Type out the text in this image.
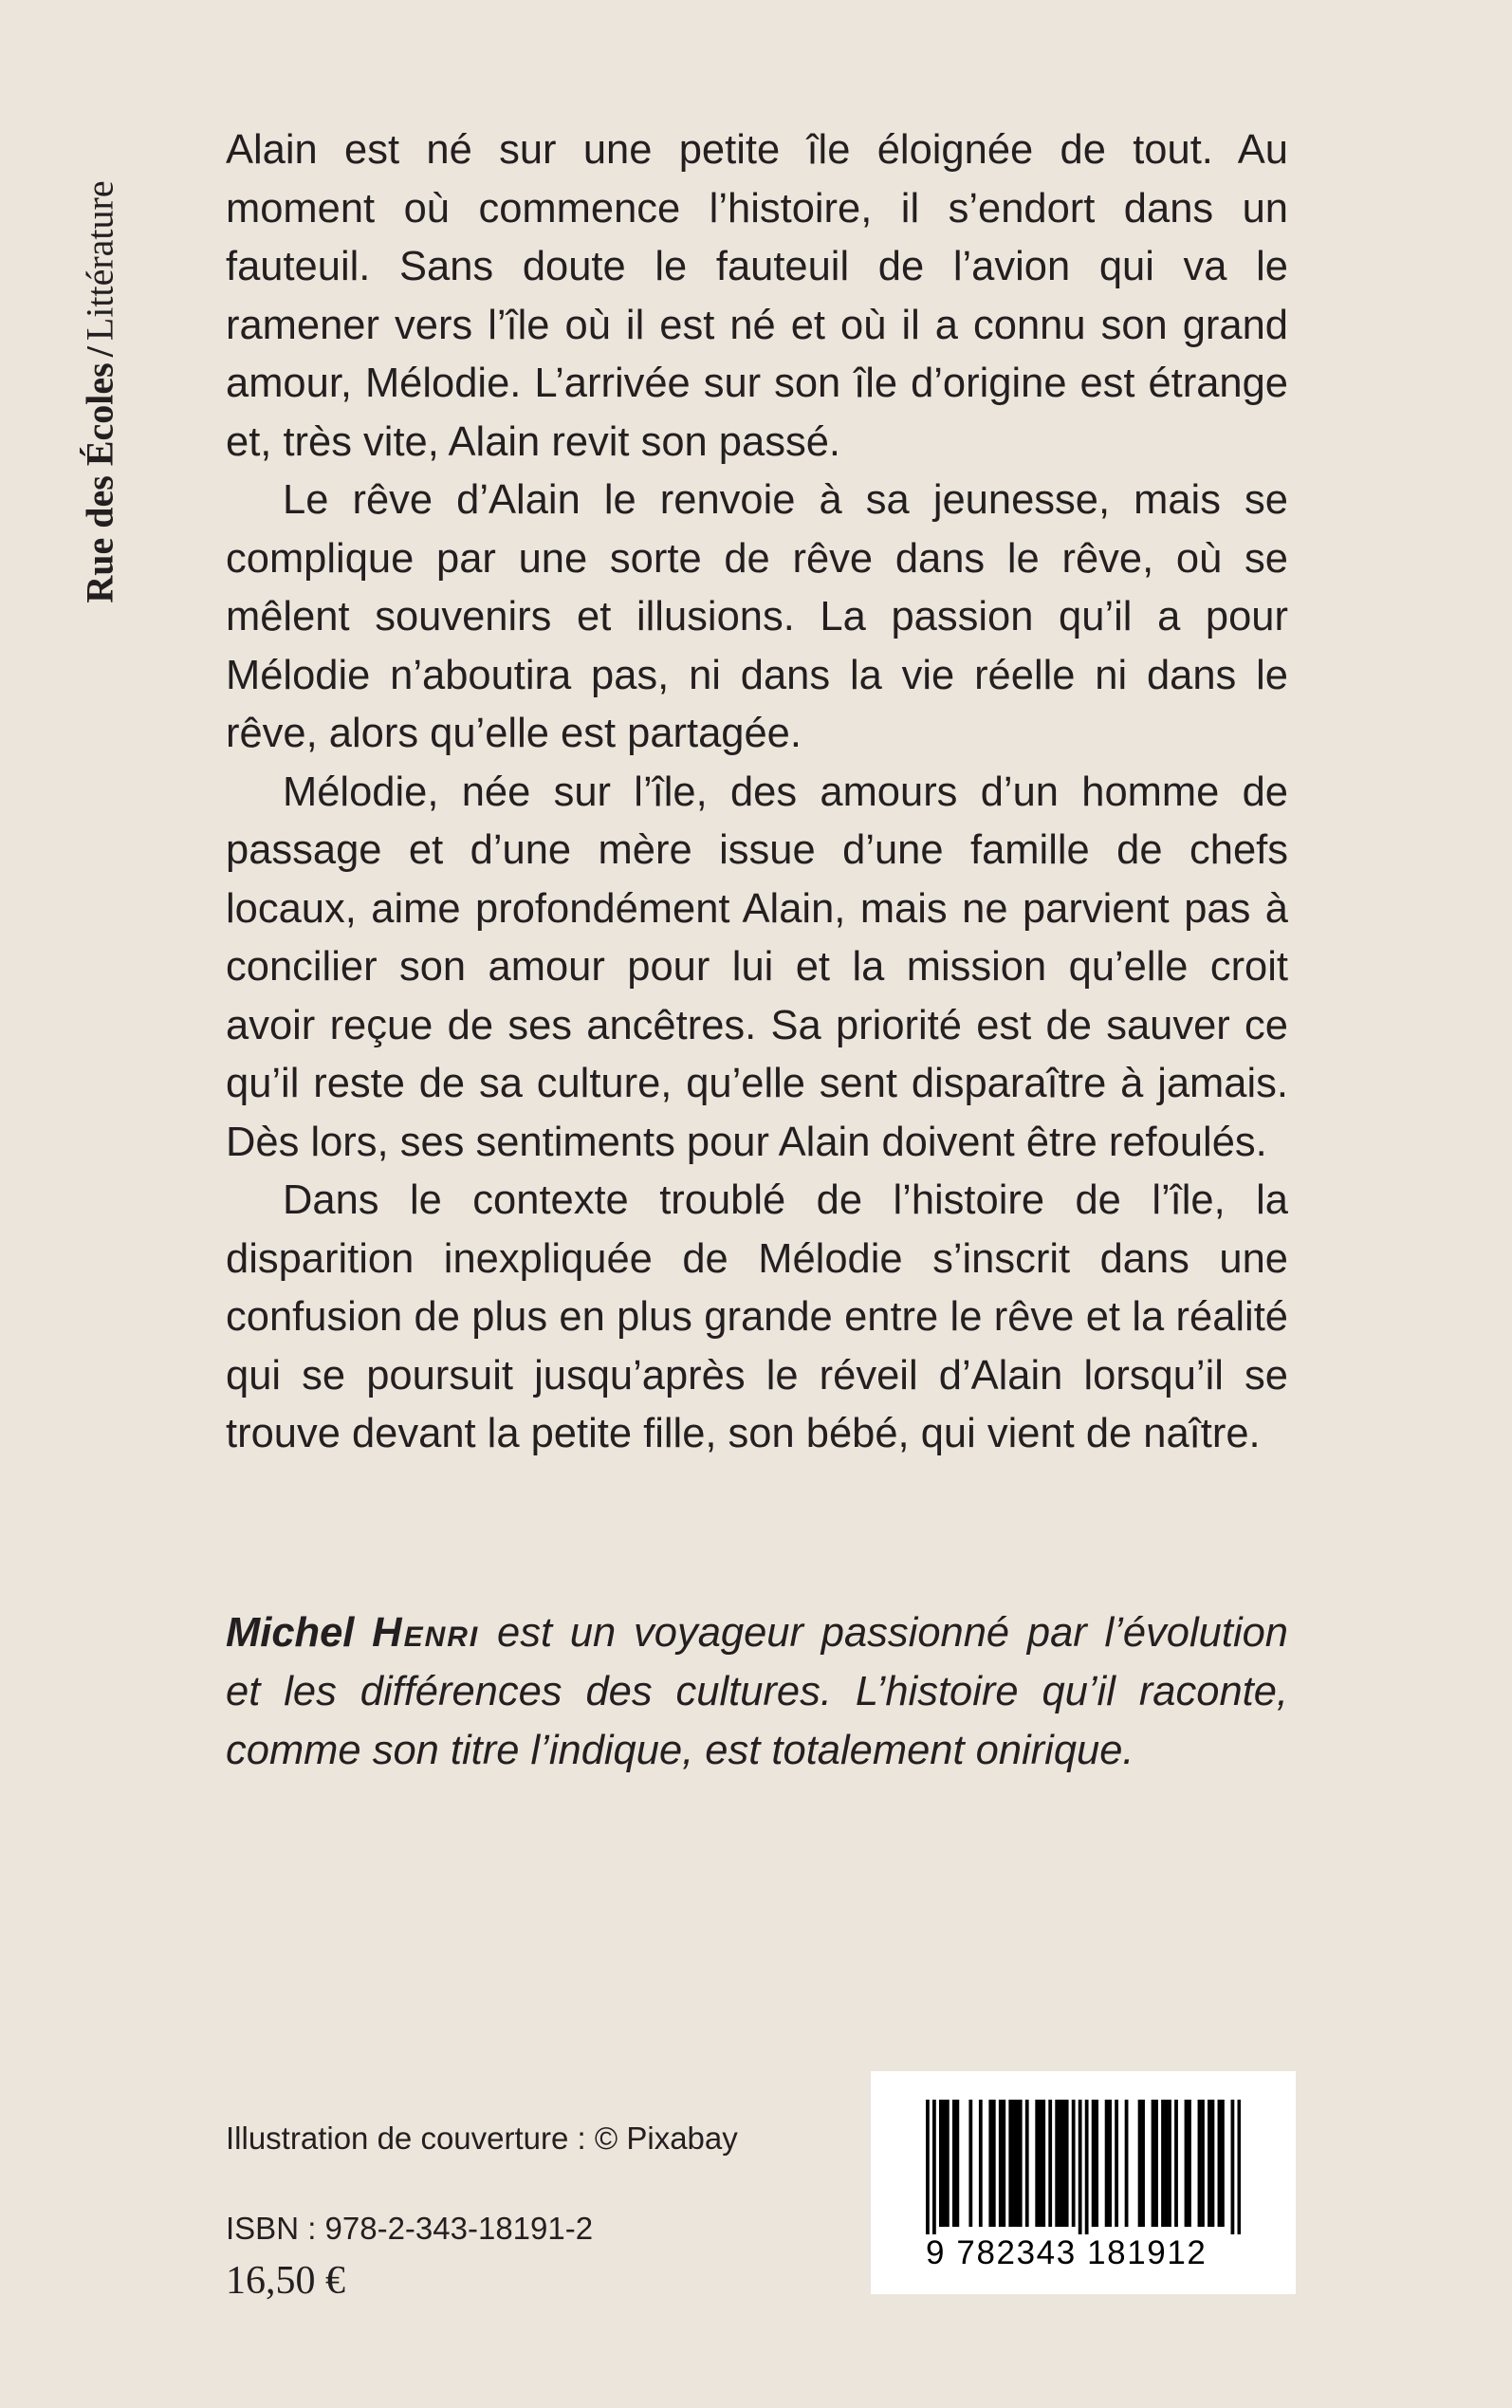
Rue des Écoles/Littérature

Alain est né sur une petite île éloignée de tout. Au moment où commence l’histoire, il s’endort dans un fauteuil. Sans doute le fauteuil de l’avion qui va le ramener vers l’île où il est né et où il a connu son grand amour, Mélodie. L’arrivée sur son île d’origine est étrange et, très vite, Alain revit son passé.

Le rêve d’Alain le renvoie à sa jeunesse, mais se complique par une sorte de rêve dans le rêve, où se mêlent souvenirs et illusions. La passion qu’il a pour Mélodie n’aboutira pas, ni dans la vie réelle ni dans le rêve, alors qu’elle est partagée.

Mélodie, née sur l’île, des amours d’un homme de passage et d’une mère issue d’une famille de chefs locaux, aime profondément Alain, mais ne parvient pas à concilier son amour pour lui et la mission qu’elle croit avoir reçue de ses ancêtres. Sa priorité est de sauver ce qu’il reste de sa culture, qu’elle sent disparaître à jamais. Dès lors, ses sentiments pour Alain doivent être refoulés.

Dans le contexte troublé de l’histoire de l’île, la disparition inexpliquée de Mélodie s’inscrit dans une confusion de plus en plus grande entre le rêve et la réalité qui se poursuit jusqu’après le réveil d’Alain lorsqu’il se trouve devant la petite fille, son bébé, qui vient de naître.

Michel Henri est un voyageur passionné par l’évolution et les différences des cultures. L’histoire qu’il raconte, comme son titre l’indique, est totalement onirique.

Illustration de couverture : © Pixabay
ISBN : 978-2-343-18191-2
16,50 €
9 782343 181912
